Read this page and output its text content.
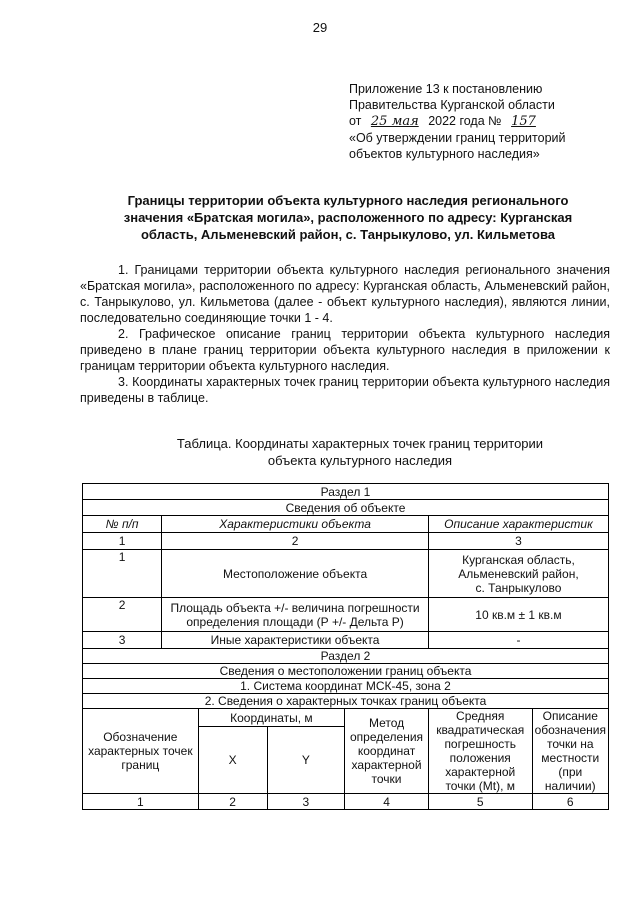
29
Приложение 13 к постановлению
Правительства Курганской области
от 25 мая 2022 года № 157
«Об утверждении границ территорий
объектов культурного наследия»
Границы территории объекта культурного наследия регионального
значения «Братская могила», расположенного по адресу: Курганская
область, Альменевский район, с. Танрыкулово, ул. Кильметова

1. Границами территории объекта культурного наследия регионального значения «Братская могила», расположенного по адресу: Курганская область, Альменевский район, с. Танрыкулово, ул. Кильметова (далее - объект культурного наследия), являются линии, последовательно соединяющие точки 1 - 4.

2. Графическое описание границ территории объекта культурного наследия приведено в плане границ территории объекта культурного наследия в приложении к границам территории объекта культурного наследия.

3. Координаты характерных точек границ территории объекта культурного наследия приведены в таблице.

Таблица. Координаты характерных точек границ территории
объекта культурного наследия
Раздел 1						
Сведения об объекте						
№ п/п	Характеристики объекта				Описание характеристик	
1	2				3	
1	Местоположение объекта				Курганская область,
Альменевский район,
с. Танрыкулово	

2	Площадь объекта +/- величина погрешности
определения площади (Р +/- Дельта Р)				10 кв.м ± 1 кв.м	
3	Иные характеристики объекта				-	
Раздел 2						
Сведения о местоположении границ объекта						
1. Система координат МСК-45, зона 2						
2. Сведения о характерных точках границ объекта						
Обозначение характерных точек границ		Координаты, м		Метод определения координат характерной точки	Средняя квадратическая погрешность положения характерной точки (Mt), м	Описание обозначения точки на местности (при наличии)
		X	Y			
1		2	3	4	5	6
